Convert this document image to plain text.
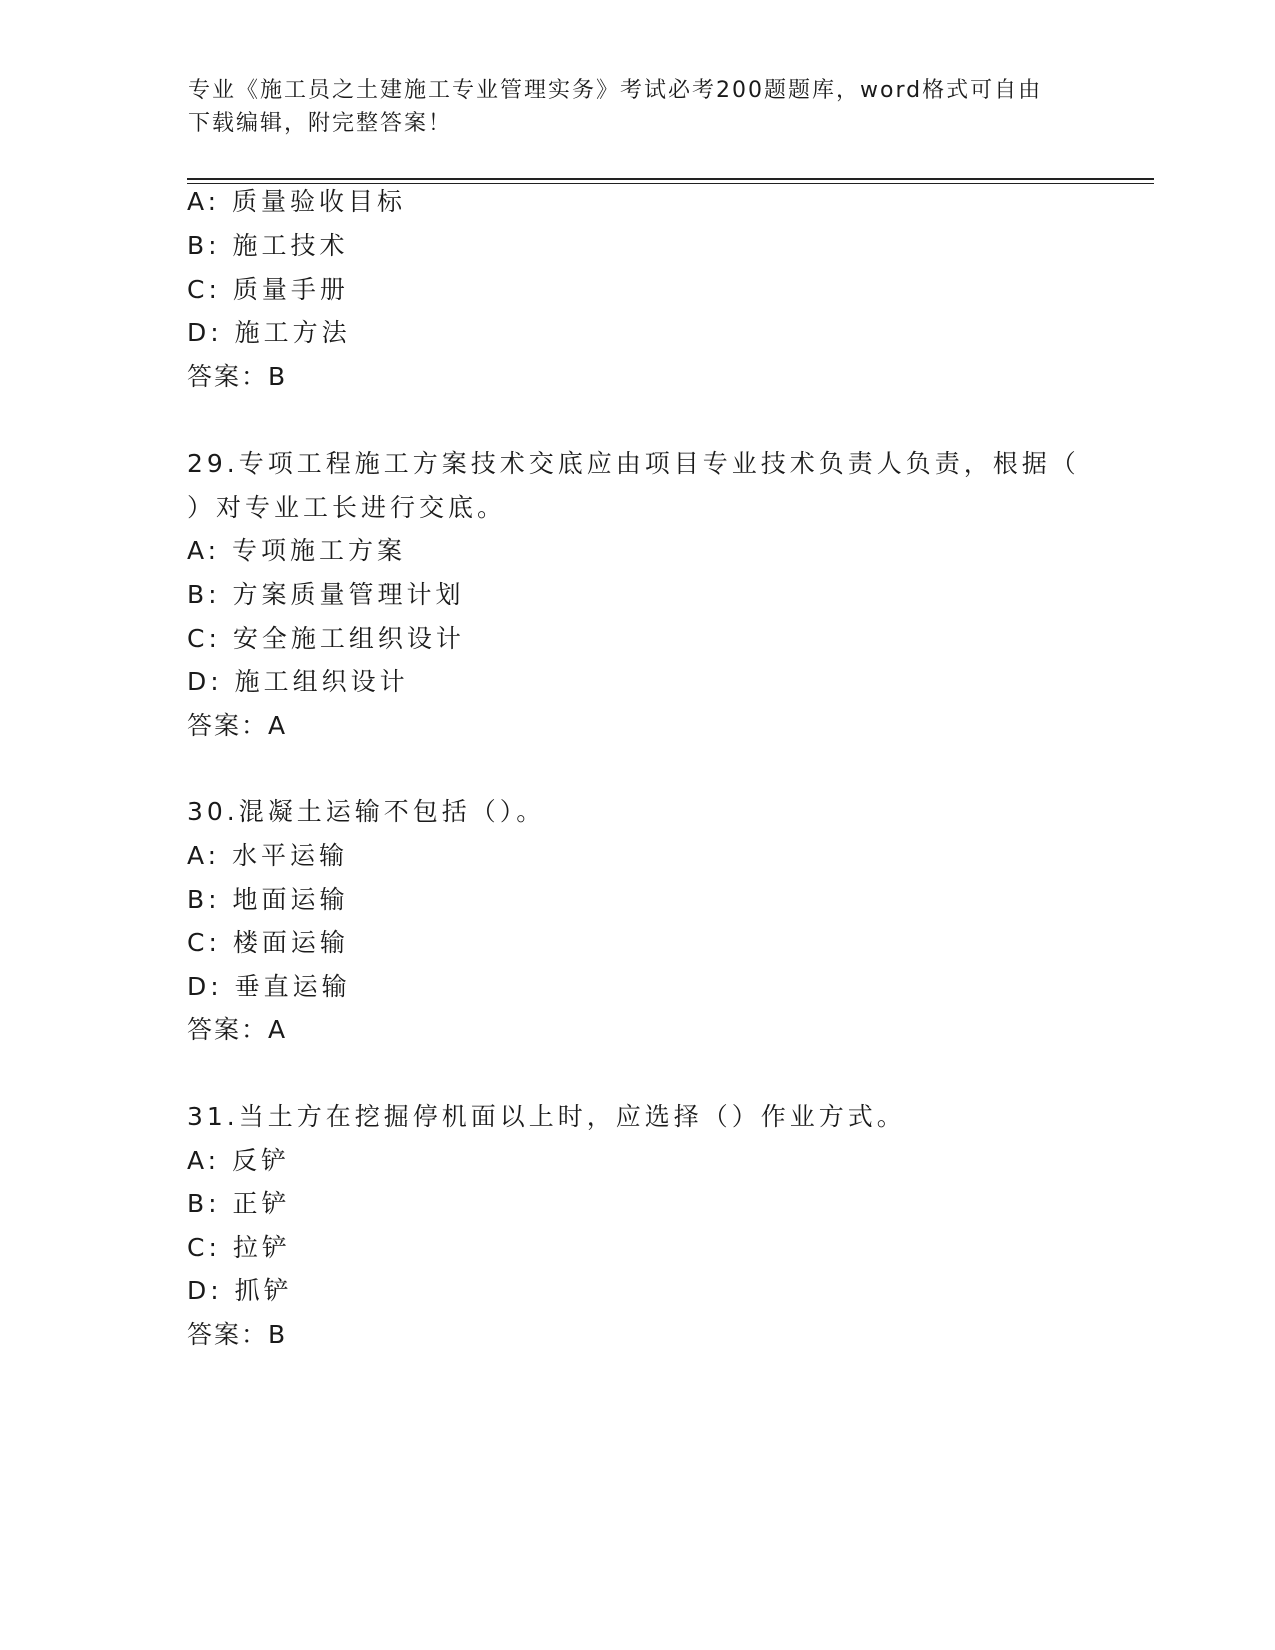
专业《施工员之土建施工专业管理实务》考试必考200题题库，word格式可自由
下载编辑，附完整答案！
A: 质量验收目标
B: 施工技术
C: 质量手册
D: 施工方法
答案：B
29.专项工程施工方案技术交底应由项目专业技术负责人负责，根据（
）对专业工长进行交底。
A: 专项施工方案
B: 方案质量管理计划
C: 安全施工组织设计
D: 施工组织设计
答案：A
30.混凝土运输不包括（）。
A: 水平运输
B: 地面运输
C: 楼面运输
D: 垂直运输
答案：A
31.当土方在挖掘停机面以上时，应选择（）作业方式。
A: 反铲
B: 正铲
C: 拉铲
D: 抓铲
答案：B
